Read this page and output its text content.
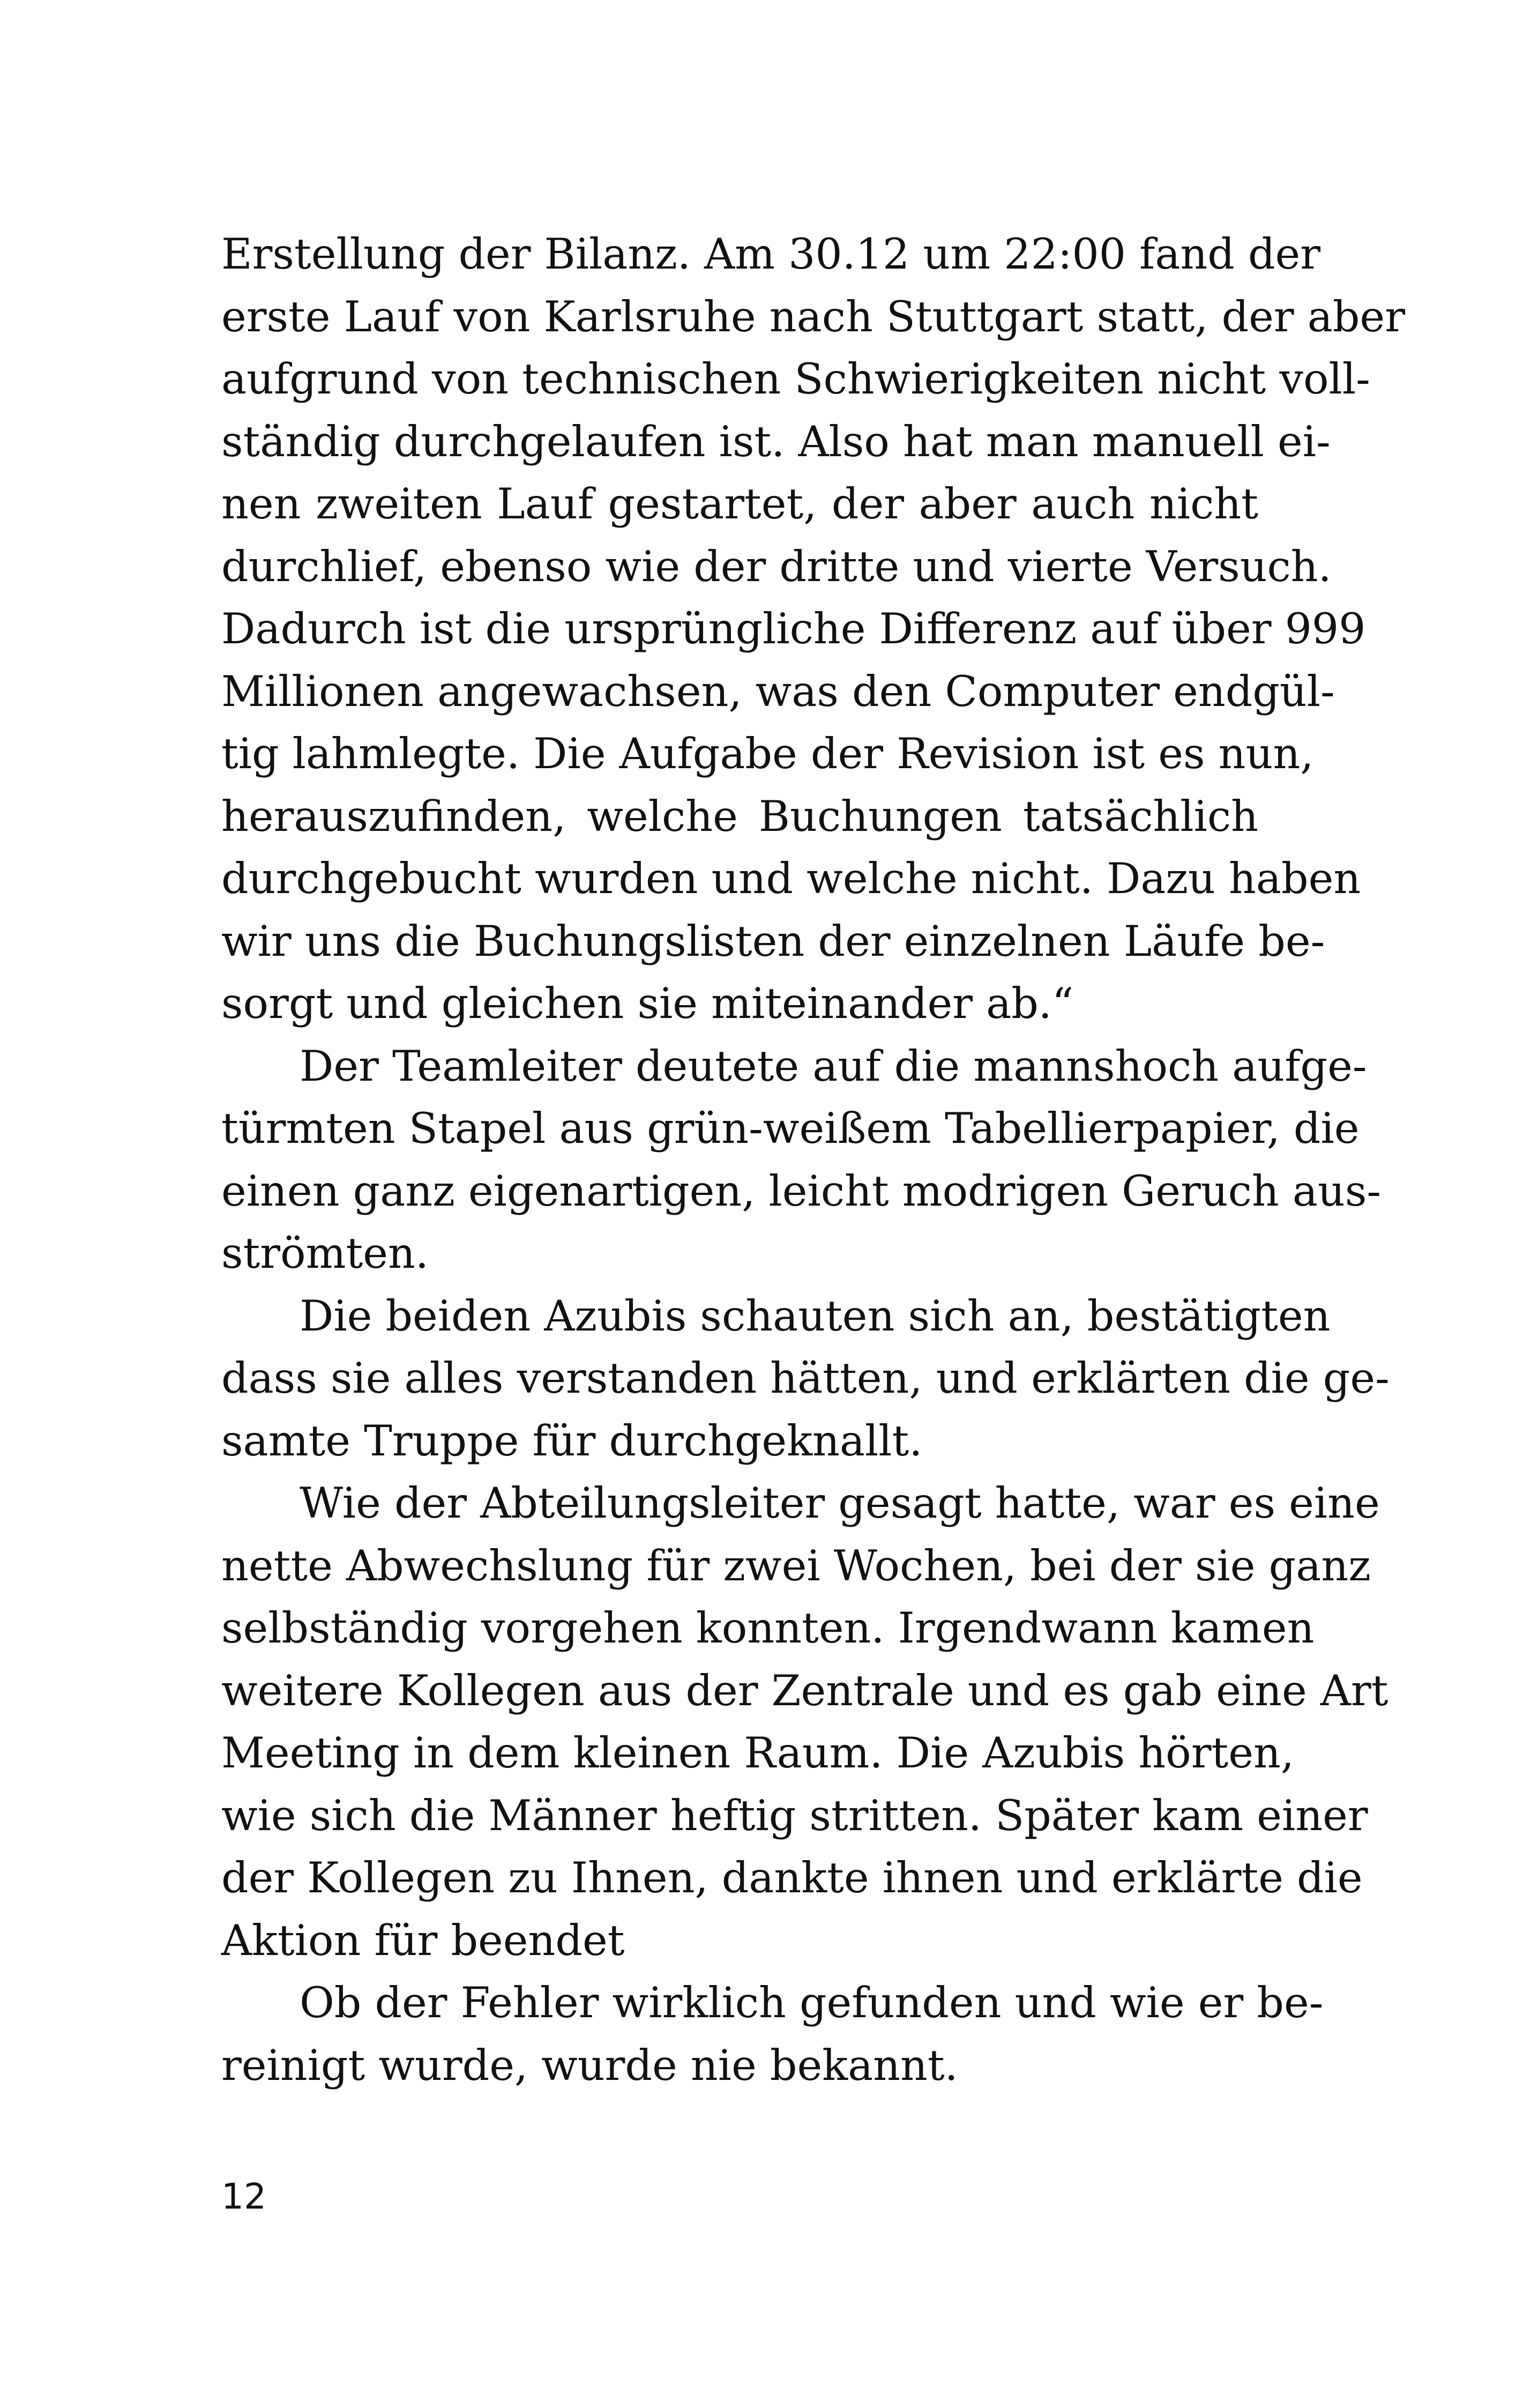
Erstellung der Bilanz. Am 30.12 um 22:00 fand der
erste Lauf von Karlsruhe nach Stuttgart statt, der aber
aufgrund von technischen Schwierigkeiten nicht voll-
ständig durchgelaufen ist. Also hat man manuell ei-
nen zweiten Lauf gestartet, der aber auch nicht
durchlief, ebenso wie der dritte und vierte Versuch.
Dadurch ist die ursprüngliche Differenz auf über 999
Millionen angewachsen, was den Computer endgül-
tig lahmlegte. Die Aufgabe der Revision ist es nun,
herauszufinden, welche Buchungen tatsächlich
durchgebucht wurden und welche nicht. Dazu haben
wir uns die Buchungslisten der einzelnen Läufe be-
sorgt und gleichen sie miteinander ab.“
Der Teamleiter deutete auf die mannshoch aufge-
türmten Stapel aus grün-weißem Tabellierpapier, die
einen ganz eigenartigen, leicht modrigen Geruch aus-
strömten.
Die beiden Azubis schauten sich an, bestätigten
dass sie alles verstanden hätten, und erklärten die ge-
samte Truppe für durchgeknallt.
Wie der Abteilungsleiter gesagt hatte, war es eine
nette Abwechslung für zwei Wochen, bei der sie ganz
selbständig vorgehen konnten. Irgendwann kamen
weitere Kollegen aus der Zentrale und es gab eine Art
Meeting in dem kleinen Raum. Die Azubis hörten,
wie sich die Männer heftig stritten. Später kam einer
der Kollegen zu Ihnen, dankte ihnen und erklärte die
Aktion für beendet
Ob der Fehler wirklich gefunden und wie er be-
reinigt wurde, wurde nie bekannt.
12
